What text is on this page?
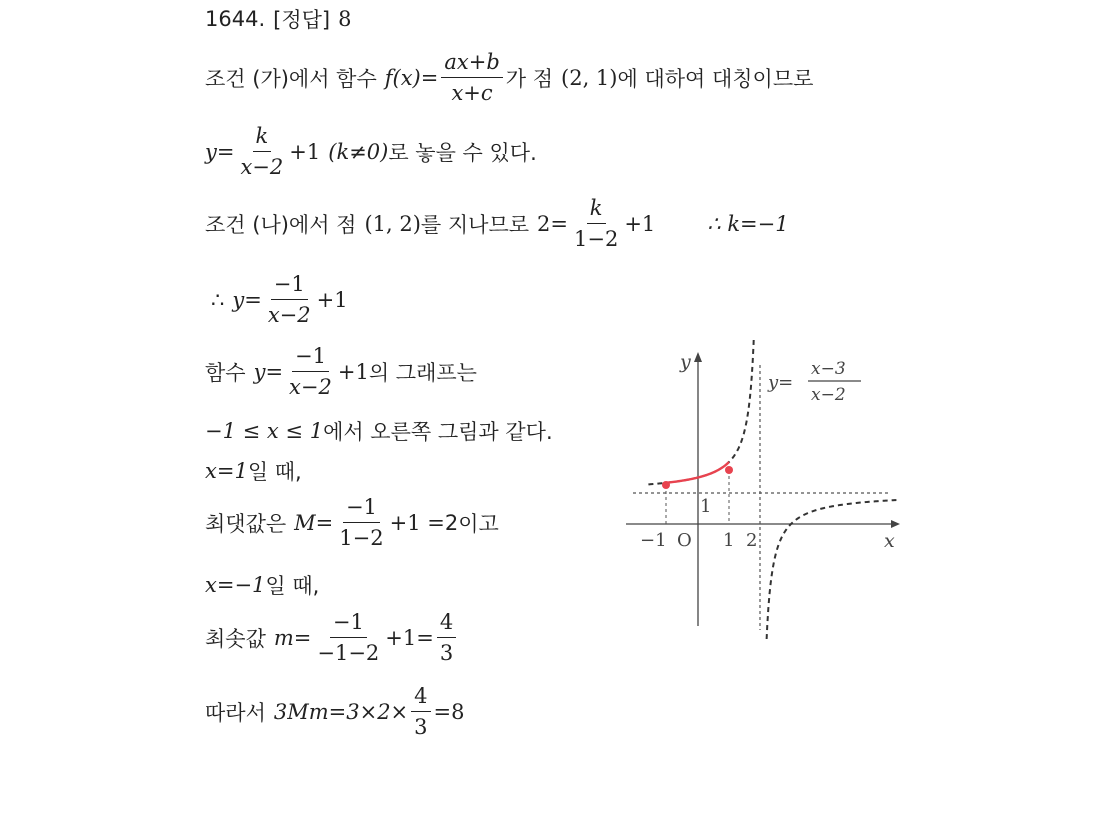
1644. [정답] 8
조건 (가)에서 함수 $f(x)= \frac{ax+b}{x+c}$ 가 점 (2, 1) 에 대하여 대칭이므로
$y= \frac{k}{x-2} +1$ (k≠0) 로 놓을 수 있다.
조건 (나)에서 점 (1, 2) 를 지나므로 $2= \frac{k}{1-2} +1$ ∴ k=−1
∴ $y= \frac{-1}{x-2} +1$
함수 $y= \frac{-1}{x-2} +1$ 의 그래프는
−1 ≤ x ≤ 1 에서 오른쪽 그림과 같다.
x=1 일 때,
최댓값은 $M= \frac{-1}{1-2} +1 = 2$ 이고
x=−1 일 때,
최솟값 $m= \frac{-1}{-1-2} +1= \frac{4}{3}$
따라서 $3Mm=3\times 2\times \frac{4}{3} =8$
y
x
O
−1	1 2
1
y=
x−3
x−2
